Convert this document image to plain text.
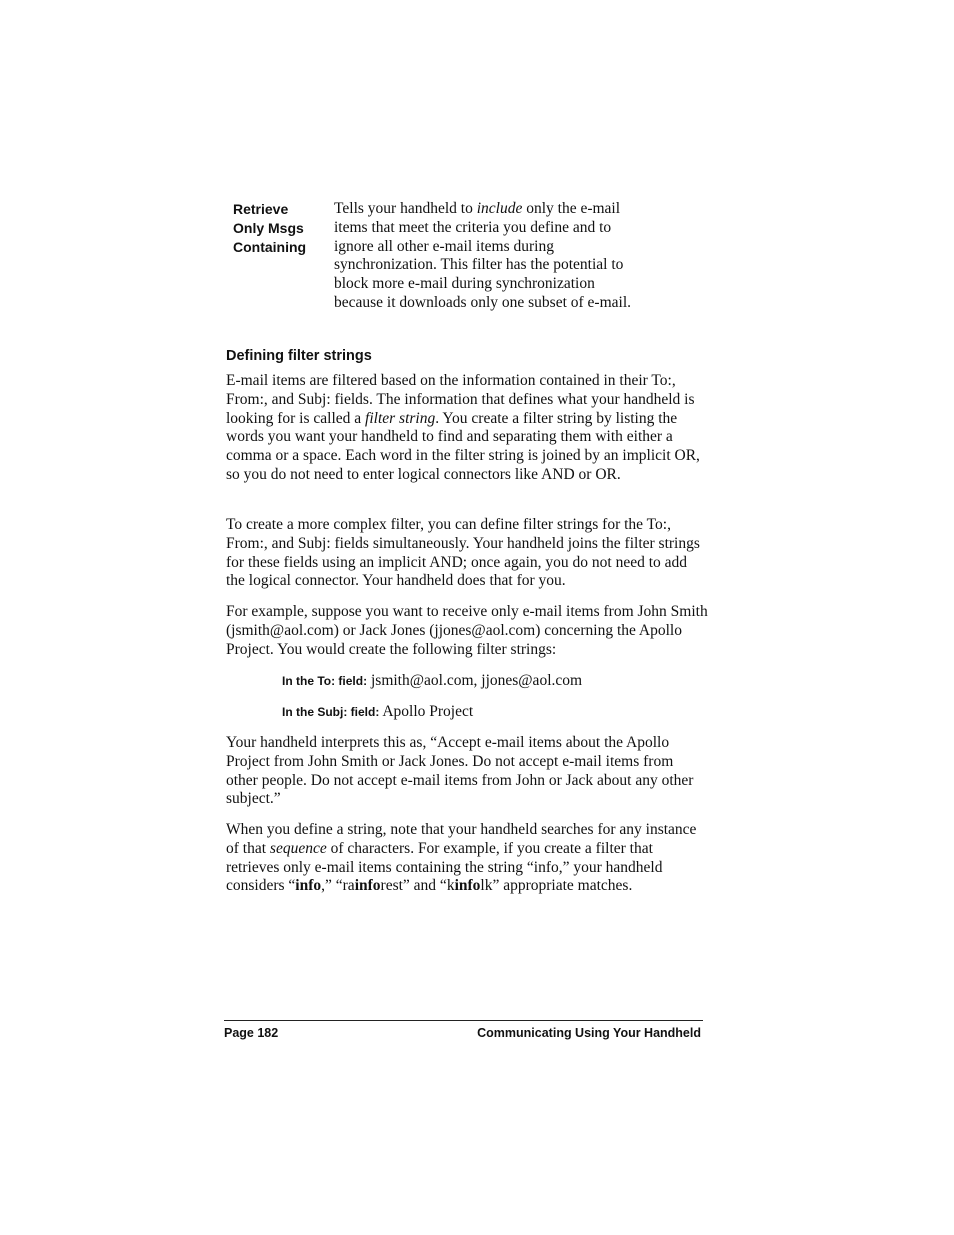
Retrieve
Only Msgs
Containing
Tells your handheld to include only the e-mail items that meet the criteria you define and to ignore all other e-mail items during synchronization. This filter has the potential to block more e-mail during synchronization because it downloads only one subset of e-mail.
Defining filter strings

E-mail items are filtered based on the information contained in their To:, From:, and Subj: fields. The information that defines what your handheld is looking for is called a filter string. You create a filter string by listing the words you want your handheld to find and separating them with either a comma or a space. Each word in the filter string is joined by an implicit OR, so you do not need to enter logical connectors like AND or OR.

To create a more complex filter, you can define filter strings for the To:, From:, and Subj: fields simultaneously. Your handheld joins the filter strings for these fields using an implicit AND; once again, you do not need to add the logical connector. Your handheld does that for you.

For example, suppose you want to receive only e-mail items from John Smith (jsmith@aol.com) or Jack Jones (jjones@aol.com) concerning the Apollo Project. You would create the following filter strings:

In the To: field: jsmith@aol.com, jjones@aol.com
In the Subj: field: Apollo Project

Your handheld interprets this as, “Accept e-mail items about the Apollo Project from John Smith or Jack Jones. Do not accept e-mail items from other people. Do not accept e-mail items from John or Jack about any other subject.”

When you define a string, note that your handheld searches for any instance of that sequence of characters. For example, if you create a filter that retrieves only e-mail items containing the string “info,” your handheld considers “info,” “rainforest” and “kinfolk” appropriate matches.

Page 182	Communicating Using Your Handheld
